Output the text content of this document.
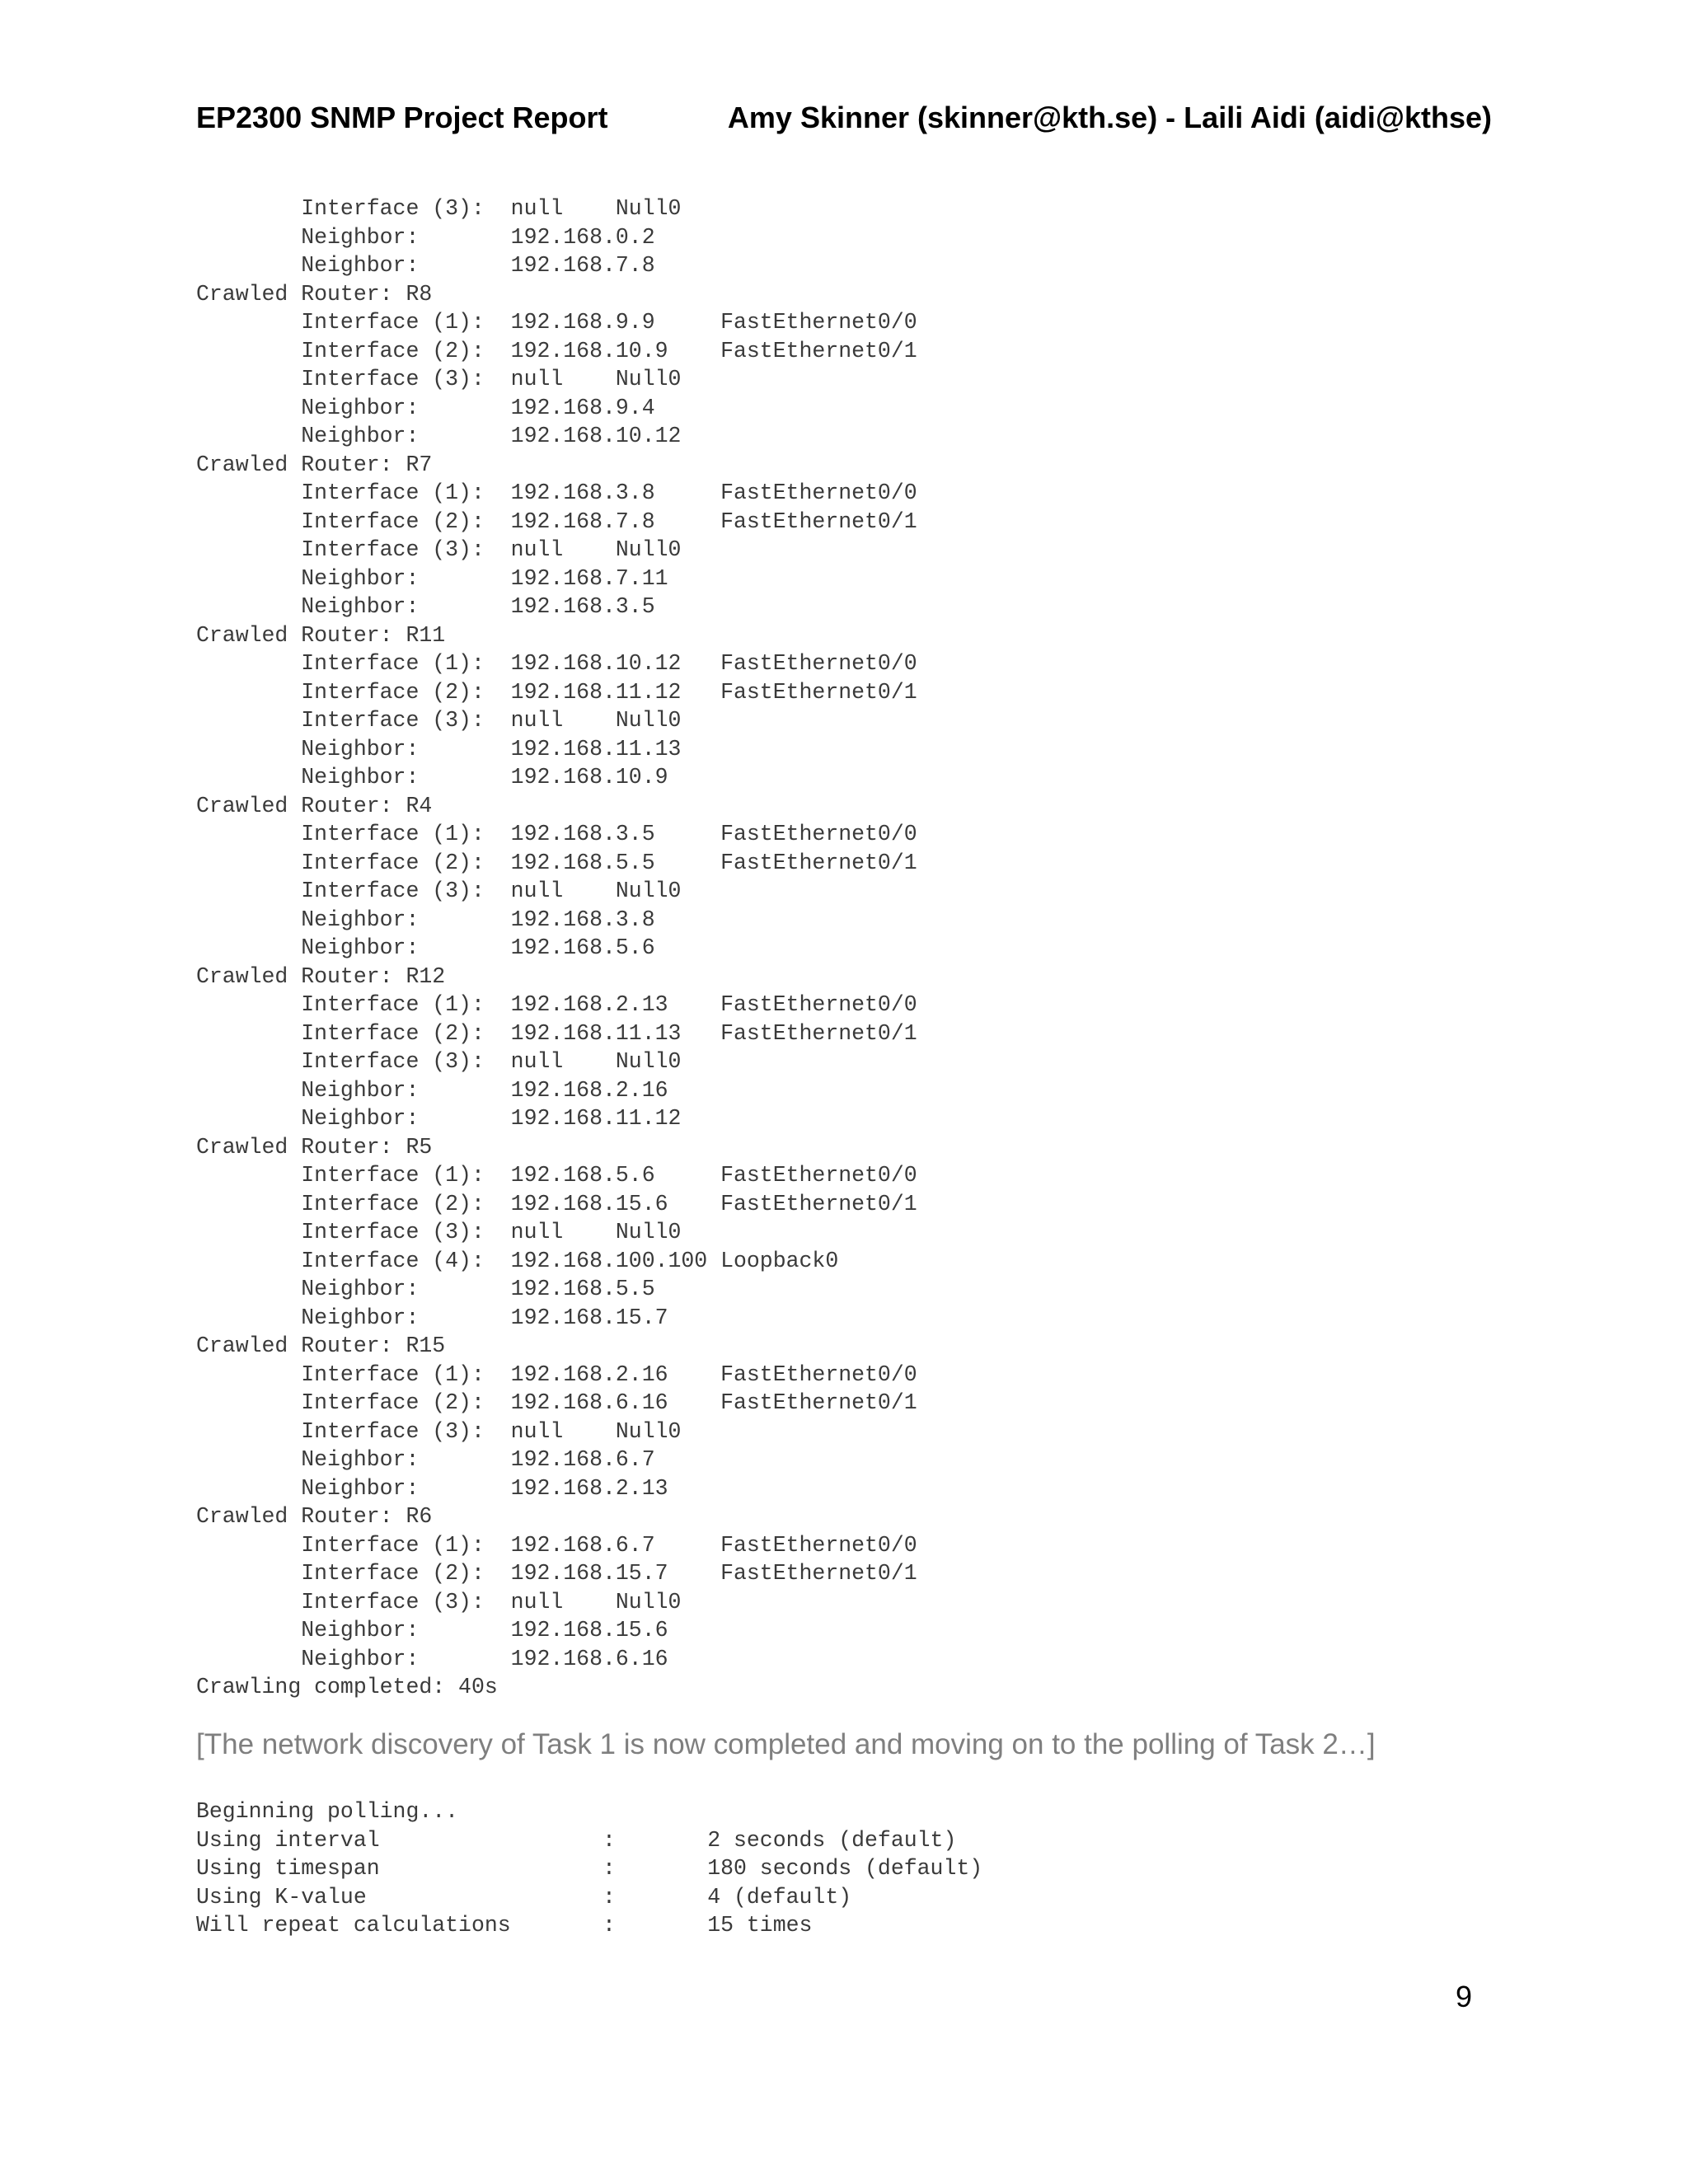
EP2300 SNMP Project Report	Amy Skinner (skinner@kth.se) - Laili Aidi (aidi@kthse)
Interface (3):  null    Null0
Neighbor:       192.168.0.2
Neighbor:       192.168.7.8
Crawled Router: R8
Interface (1):  192.168.9.9     FastEthernet0/0
Interface (2):  192.168.10.9    FastEthernet0/1
Interface (3):  null    Null0
Neighbor:       192.168.9.4
Neighbor:       192.168.10.12
Crawled Router: R7
Interface (1):  192.168.3.8     FastEthernet0/0
Interface (2):  192.168.7.8     FastEthernet0/1
Interface (3):  null    Null0
Neighbor:       192.168.7.11
Neighbor:       192.168.3.5
Crawled Router: R11
Interface (1):  192.168.10.12   FastEthernet0/0
Interface (2):  192.168.11.12   FastEthernet0/1
Interface (3):  null    Null0
Neighbor:       192.168.11.13
Neighbor:       192.168.10.9
Crawled Router: R4
Interface (1):  192.168.3.5     FastEthernet0/0
Interface (2):  192.168.5.5     FastEthernet0/1
Interface (3):  null    Null0
Neighbor:       192.168.3.8
Neighbor:       192.168.5.6
Crawled Router: R12
Interface (1):  192.168.2.13    FastEthernet0/0
Interface (2):  192.168.11.13   FastEthernet0/1
Interface (3):  null    Null0
Neighbor:       192.168.2.16
Neighbor:       192.168.11.12
Crawled Router: R5
Interface (1):  192.168.5.6     FastEthernet0/0
Interface (2):  192.168.15.6    FastEthernet0/1
Interface (3):  null    Null0
Interface (4):  192.168.100.100 Loopback0
Neighbor:       192.168.5.5
Neighbor:       192.168.15.7
Crawled Router: R15
Interface (1):  192.168.2.16    FastEthernet0/0
Interface (2):  192.168.6.16    FastEthernet0/1
Interface (3):  null    Null0
Neighbor:       192.168.6.7
Neighbor:       192.168.2.13
Crawled Router: R6
Interface (1):  192.168.6.7     FastEthernet0/0
Interface (2):  192.168.15.7    FastEthernet0/1
Interface (3):  null    Null0
Neighbor:       192.168.15.6
Neighbor:       192.168.6.16
Crawling completed: 40s
[The network discovery of Task 1 is now completed and moving on to the polling of Task 2…]
Beginning polling...
Using interval                 :       2 seconds (default)
Using timespan                 :       180 seconds (default)
Using K-value                  :       4 (default)
Will repeat calculations       :       15 times
9
